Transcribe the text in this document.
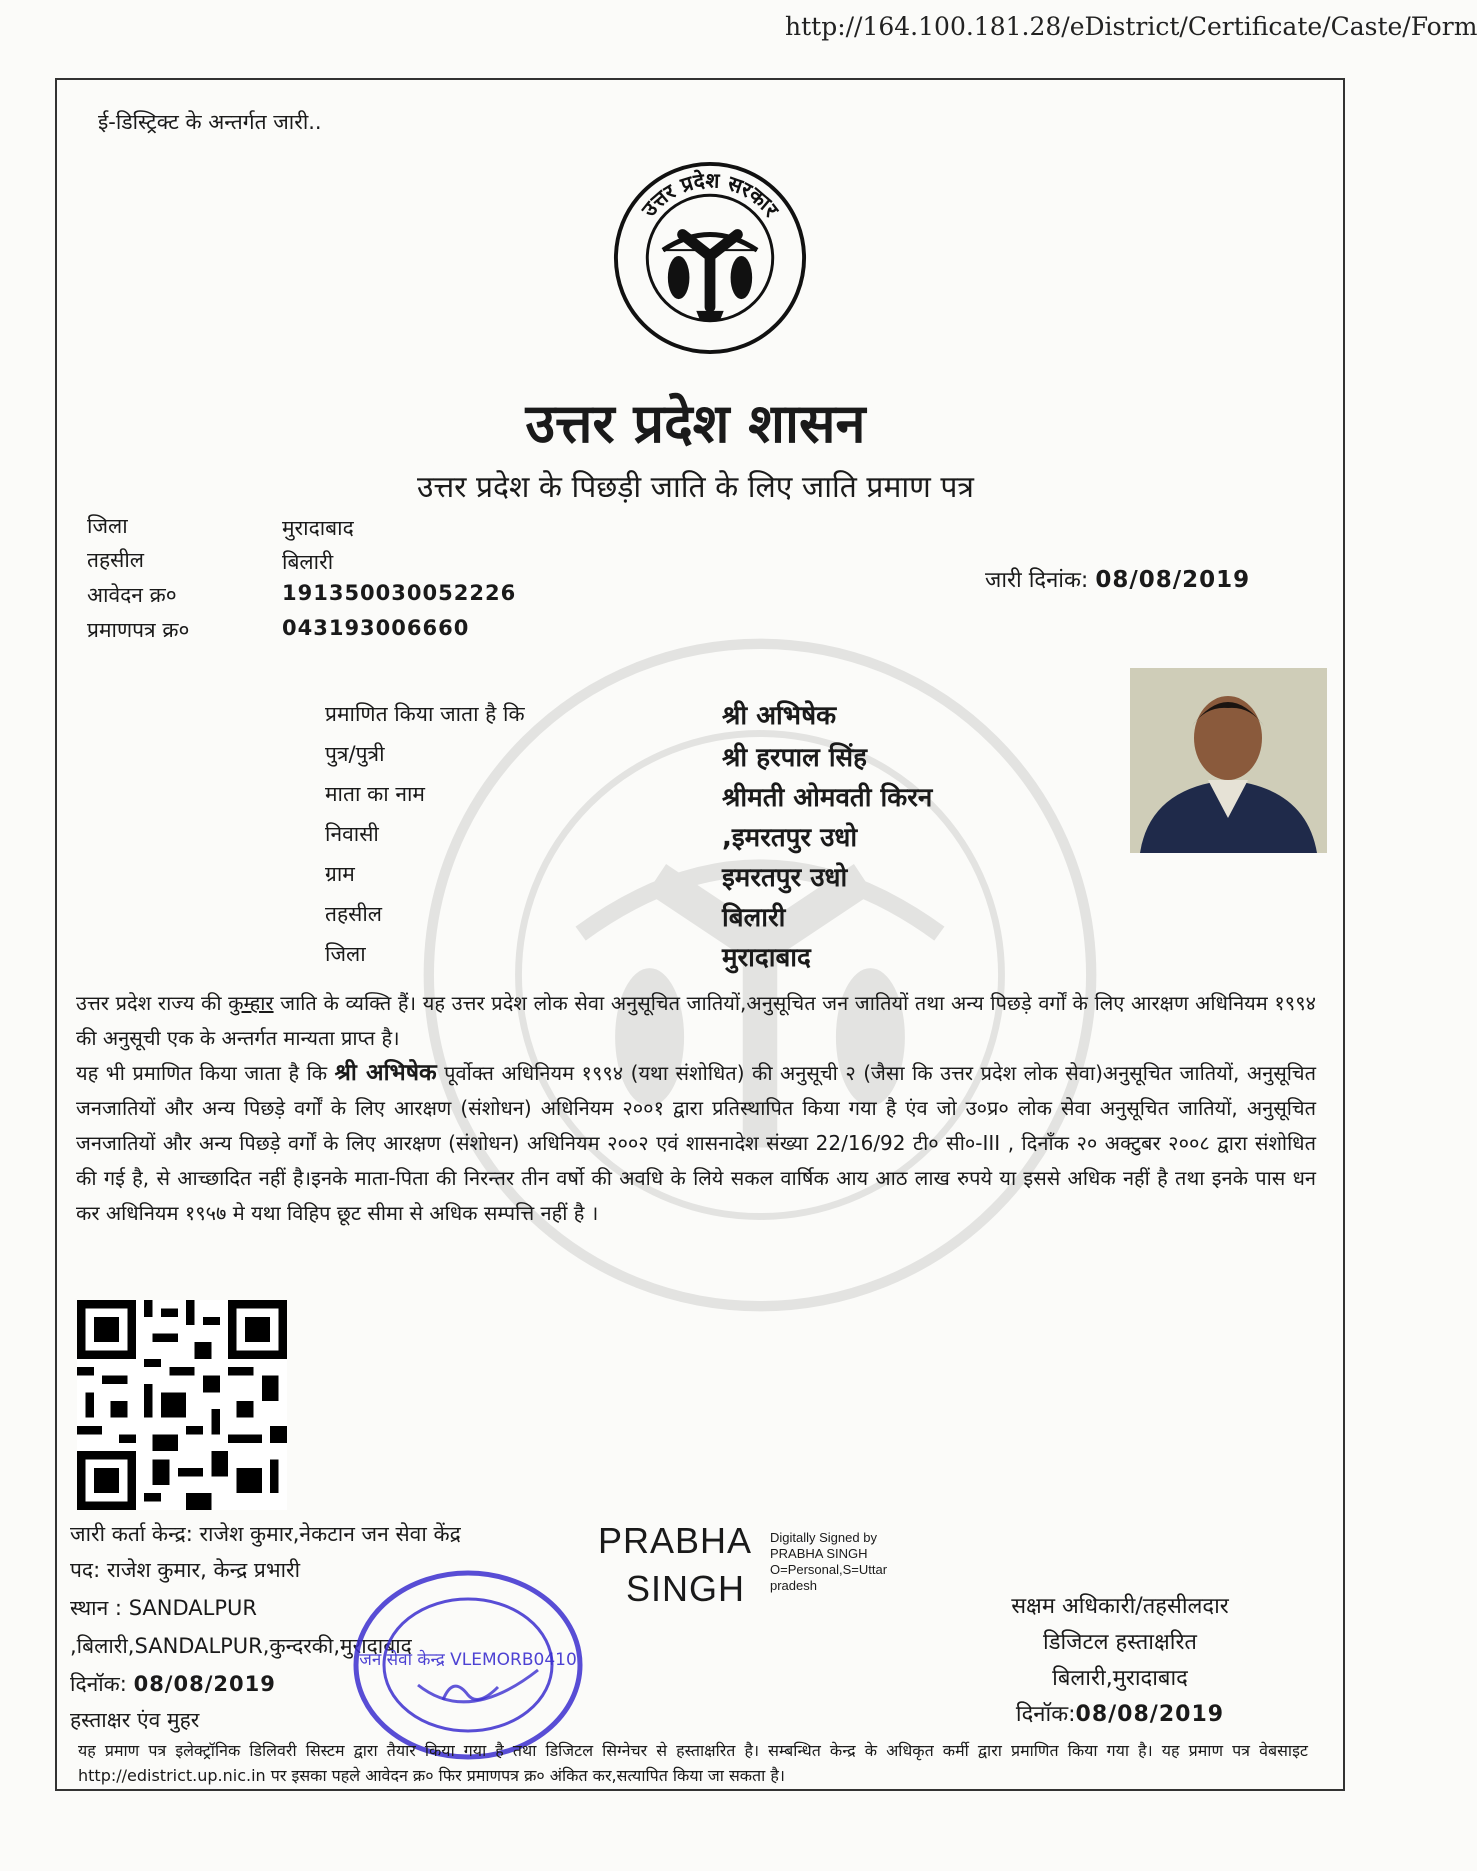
http://164.100.181.28/eDistrict/Certificate/Caste/Form
ई-डिस्ट्रिक्ट के अन्तर्गत जारी..
उत्तर प्रदेश सरकार
उत्तर प्रदेश शासन
उत्तर प्रदेश के पिछड़ी जाति के लिए जाति प्रमाण पत्र
जिला	मुरादाबाद
तहसील	बिलारी
आवेदन क्र०	191350030052226
प्रमाणपत्र क्र०	043193006660
जारी दिनांक: 08/08/2019
प्रमाणित किया जाता है कि	श्री अभिषेक
पुत्र/पुत्री	श्री हरपाल सिंह
माता का नाम	श्रीमती ओमवती किरन
निवासी	,इमरतपुर उधो
ग्राम	इमरतपुर उधो
तहसील	बिलारी
जिला	मुरादाबाद

उत्तर प्रदेश राज्य की कुम्हार जाति के व्यक्ति हैं। यह उत्तर प्रदेश लोक सेवा अनुसूचित जातियों,अनुसूचित जन जातियों तथा अन्य पिछड़े वर्गों के लिए आरक्षण अधिनियम १९९४ की अनुसूची एक के अन्तर्गत मान्यता प्राप्त है।

यह भी प्रमाणित किया जाता है कि श्री अभिषेक पूर्वोक्त अधिनियम १९९४ (यथा संशोधित) की अनुसूची २ (जैसा कि उत्तर प्रदेश लोक सेवा)अनुसूचित जातियों, अनुसूचित जनजातियों और अन्य पिछड़े वर्गों के लिए आरक्षण (संशोधन) अधिनियम २००१ द्वारा प्रतिस्थापित किया गया है एंव जो उ०प्र० लोक सेवा अनुसूचित जातियों, अनुसूचित जनजातियों और अन्य पिछड़े वर्गों के लिए आरक्षण (संशोधन) अधिनियम २००२ एवं शासनादेश संख्या 22/16/92 टी० सी०-III , दिनाँक २० अक्टुबर २००८ द्वारा संशोधित की गई है, से आच्छादित नहीं है।इनके माता-पिता की निरन्तर तीन वर्षो की अवधि के लिये सकल वार्षिक आय आठ लाख रुपये या इससे अधिक नहीं है तथा इनके पास धन कर अधिनियम १९५७ मे यथा विहिप छूट सीमा से अधिक सम्पत्ति नहीं है ।

जारी कर्ता केन्द्र: राजेश कुमार,नेकटान जन सेवा केंद्र
पद: राजेश कुमार, केन्द्र प्रभारी
स्थान : SANDALPUR
,बिलारी,SANDALPUR,कुन्दरकी,मुरादाबाद
दिनॉक: 08/08/2019
हस्ताक्षर एंव मुहर
PRABHA
SINGH
Digitally Signed by
PRABHA SINGH
O=Personal,S=Uttar
pradesh
सक्षम अधिकारी/तहसीलदार
डिजिटल हस्ताक्षरित
बिलारी,मुरादाबाद
दिनॉक:08/08/2019
जन सेवा केन्द्र VLEMORB0410
यह प्रमाण पत्र इलेक्ट्रॉनिक डिलिवरी सिस्टम द्वारा तैयार किया गया है तथा डिजिटल सिग्नेचर से हस्ताक्षरित है। सम्बन्धित केन्द्र के अधिकृत कर्मी द्वारा प्रमाणित किया गया है। यह प्रमाण पत्र वेबसाइट http://edistrict.up.nic.in पर इसका पहले आवेदन क्र० फिर प्रमाणपत्र क्र० अंकित कर,सत्यापित किया जा सकता है।
